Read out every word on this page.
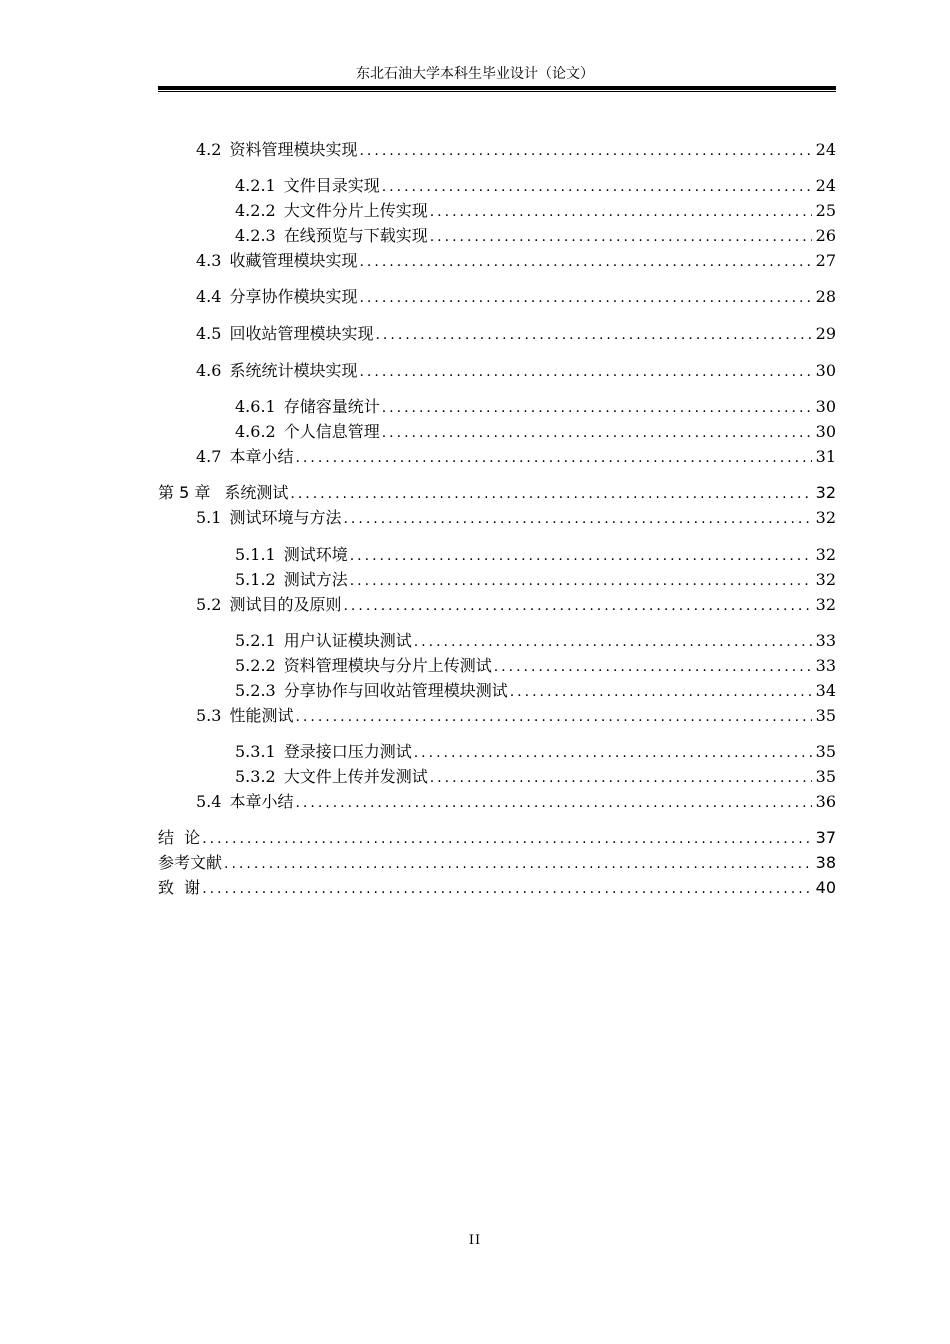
东北石油大学本科生毕业设计（论文）
4.2 资料管理模块实现 .....	24
4.2.1 文件目录实现 .....	24
4.2.2 大文件分片上传实现 .....	25
4.2.3 在线预览与下载实现 .....	26
4.3 收藏管理模块实现 .....	27
4.4 分享协作模块实现 .....	28
4.5 回收站管理模块实现 .....	29
4.6 系统统计模块实现 .....	30
4.6.1 存储容量统计 .....	30
4.6.2 个人信息管理 .....	30
4.7 本章小结 .....	31
第 5 章 系统测试 .....	32
5.1 测试环境与方法 .....	32
5.1.1 测试环境 .....	32
5.1.2 测试方法 .....	32
5.2 测试目的及原则 .....	32
5.2.1 用户认证模块测试 .....	33
5.2.2 资料管理模块与分片上传测试 .....	33
5.2.3 分享协作与回收站管理模块测试 .....	34
5.3 性能测试 .....	35
5.3.1 登录接口压力测试 .....	35
5.3.2 大文件上传并发测试 .....	35
5.4 本章小结 .....	36
结  论 .....	37
参考文献 .....	38
致  谢 .....	40
II
